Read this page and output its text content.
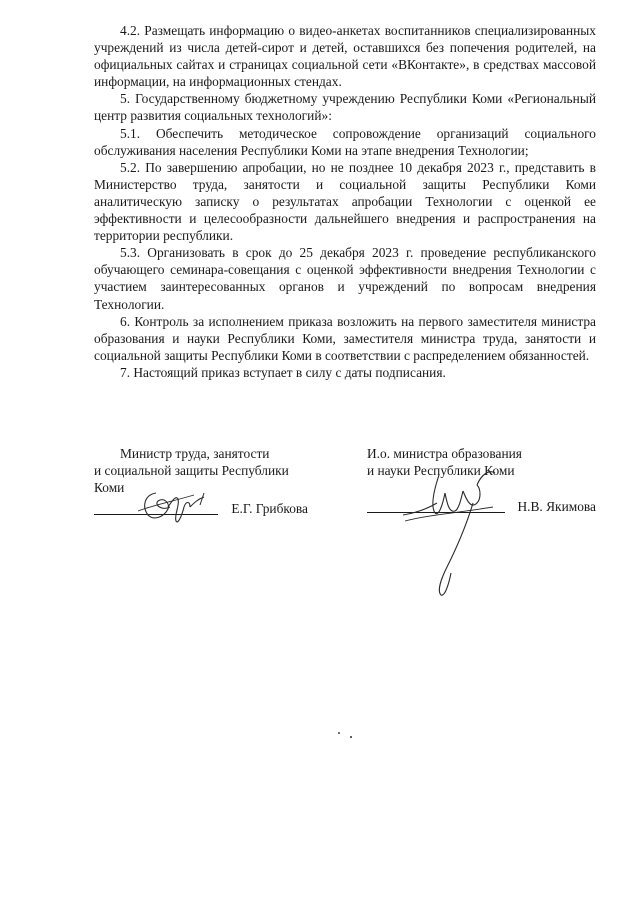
4.2. Размещать информацию о видео-анкетах воспитанников специализированных учреждений из числа детей-сирот и детей, оставшихся без попечения родителей, на официальных сайтах и страницах социальной сети «ВКонтакте», в средствах массовой информации, на информационных стендах.

5. Государственному бюджетному учреждению Республики Коми «Региональный центр развития социальных технологий»:

5.1. Обеспечить методическое сопровождение организаций социального обслуживания населения Республики Коми на этапе внедрения Технологии;

5.2. По завершению апробации, но не позднее 10 декабря 2023 г., представить в Министерство труда, занятости и социальной защиты Республики Коми аналитическую записку о результатах апробации Технологии с оценкой ее эффективности и целесообразности дальнейшего внедрения и распространения на территории республики.

5.3. Организовать в срок до 25 декабря 2023 г. проведение республиканского обучающего семинара-совещания с оценкой эффективности внедрения Технологии с участием заинтересованных органов и учреждений по вопросам внедрения Технологии.

6. Контроль за исполнением приказа возложить на первого заместителя министра образования и науки Республики Коми, заместителя министра труда, занятости и социальной защиты Республики Коми в соответствии с распределением обязанностей.

7. Настоящий приказ вступает в силу с даты подписания.

Министр труда, занятости

и социальной защиты Республики

Коми
Е.Г. Грибкова

И.о. министра образования

и науки Республики Коми

Н.В. Якимова
